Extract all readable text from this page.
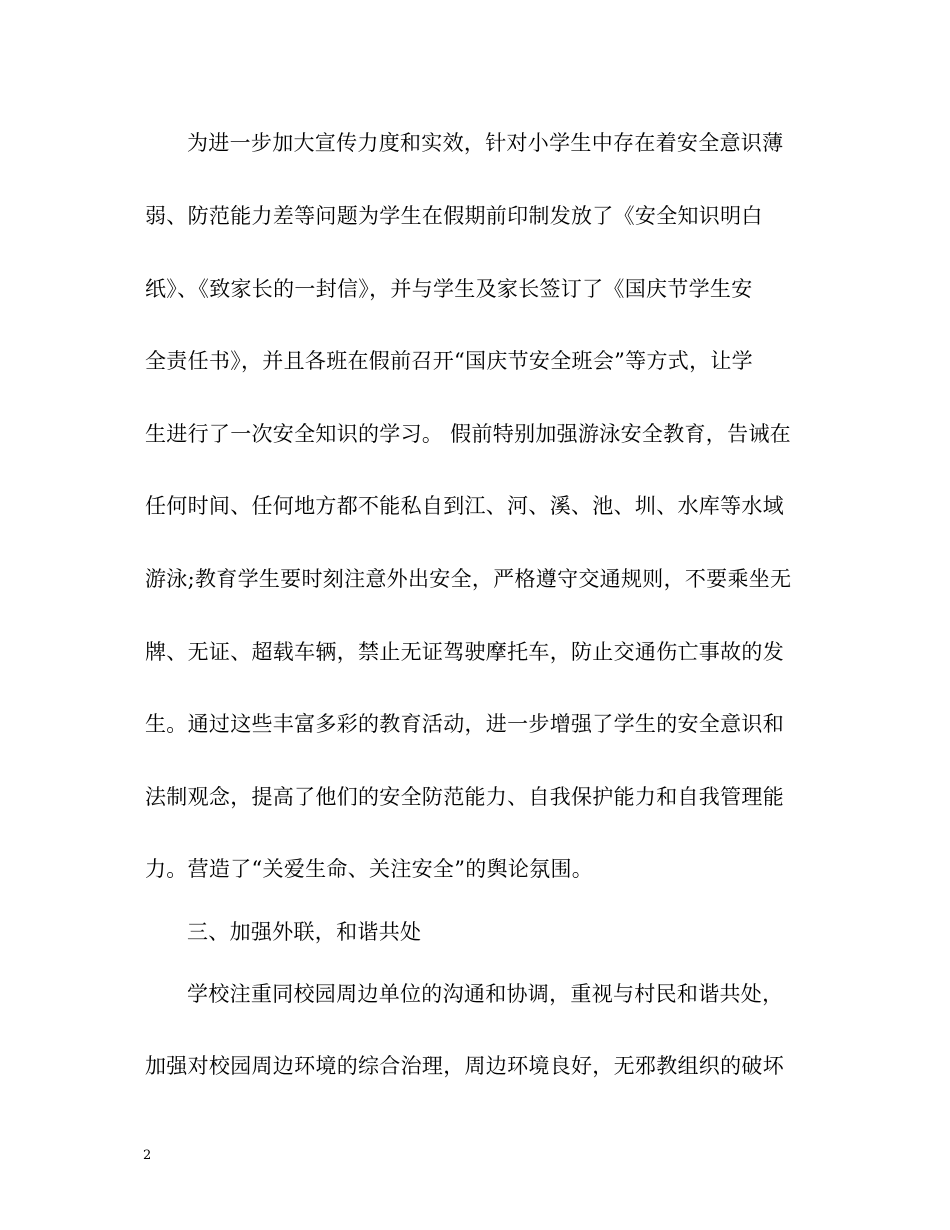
为进一步加大宣传力度和实效，针对小学生中存在着安全意识薄
弱、防范能力差等问题为学生在假期前印制发放了《安全知识明白
纸》、《致家长的一封信》，并与学生及家长签订了《国庆节学生安
全责任书》，并且各班在假前召开“国庆节安全班会”等方式，让学
生进行了一次安全知识的学习。 假前特别加强游泳安全教育，告诫在
任何时间、任何地方都不能私自到江、河、溪、池、圳、水库等水域
游泳;教育学生要时刻注意外出安全，严格遵守交通规则，不要乘坐无
牌、无证、超载车辆，禁止无证驾驶摩托车，防止交通伤亡事故的发
生。通过这些丰富多彩的教育活动，进一步增强了学生的安全意识和
法制观念，提高了他们的安全防范能力、自我保护能力和自我管理能
力。营造了“关爱生命、关注安全”的舆论氛围。
三、加强外联，和谐共处
学校注重同校园周边单位的沟通和协调，重视与村民和谐共处，
加强对校园周边环境的综合治理，周边环境良好，无邪教组织的破坏
2
